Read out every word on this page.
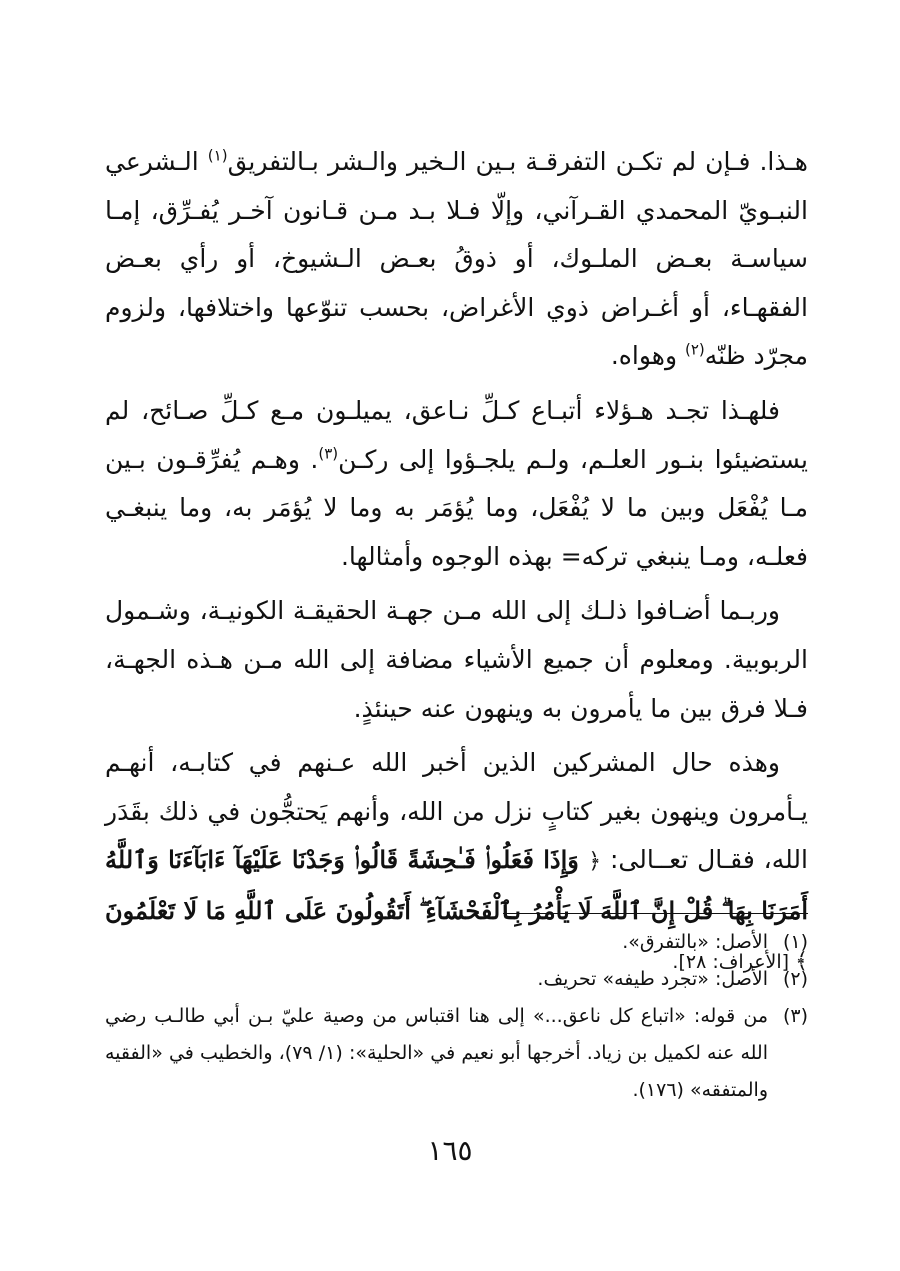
هـذا. فـإن لم تكـن التفرقـة بـين الـخير والـشر بـالتفريق$^{(١)}$ الـشرعي النبـويّ المحمدي القـرآني، وإلّا فـلا بـد مـن قـانون آخـر يُفـرِّق، إمـا سياسـة بعـض الملـوك، أو ذوقُ بعـض الـشيوخ، أو رأي بعـض الفقهـاء، أو أغـراض ذوي الأغراض، بحسب تنوّعها واختلافها، ولزوم مجرّد ظنّه$^{(٢)}$ وهواه.

فلهـذا تجـد هـؤلاء أتبـاع كـلِّ نـاعق، يميلـون مـع كـلِّ صـائح، لم يستضيئوا بنـور العلـم، ولـم يلجـؤوا إلى ركـن$^{(٣)}$. وهـم يُفرِّقـون بـين مـا يُفْعَل وبين ما لا يُفْعَل، وما يُؤمَر به وما لا يُؤمَر به، وما ينبغـي فعلـه، ومـا ينبغي تركه= بهذه الوجوه وأمثالها.

وربـما أضـافوا ذلـك إلى الله مـن جهـة الحقيقـة الكونيـة، وشـمول الربوبية. ومعلوم أن جميع الأشياء مضافة إلى الله مـن هـذه الجهـة، فـلا فرق بين ما يأمرون به وينهون عنه حينئذٍ.

وهذه حال المشركين الذين أخبر الله عـنهم في كتابـه، أنهـم يـأمرون وينهون بغير كتابٍ نزل من الله، وأنهم يَحتجُّون في ذلك بقَدَر الله، فقـال تعــالى: ﴿ وَإِذَا فَعَلُوا۟ فَـٰحِشَةً قَالُوا۟ وَجَدْنَا عَلَيْهَآ ءَابَآءَنَا وَٱللَّهُ أَمَرَنَا بِهَا ۗ قُلْ إِنَّ ٱللَّهَ لَا يَأْمُرُ بِٱلْفَحْشَآءِ ۖ أَتَقُولُونَ عَلَى ٱللَّهِ مَا لَا تَعْلَمُونَ ﴾ [الأعراف: ٢٨].

(١)
الأصل: «بالتفرق».
(٢)
الأصل: «تجرد طيفه» تحريف.
(٣)
من قوله: «اتباع كل ناعق...» إلى هنا اقتباس من وصية عليّ بـن أبي طالـب رضي الله عنه لكميل بن زياد. أخرجها أبو نعيم في «الحلية»: (١/ ٧٩)، والخطيب في «الفقيه والمتفقه» (١٧٦).
١٦٥
